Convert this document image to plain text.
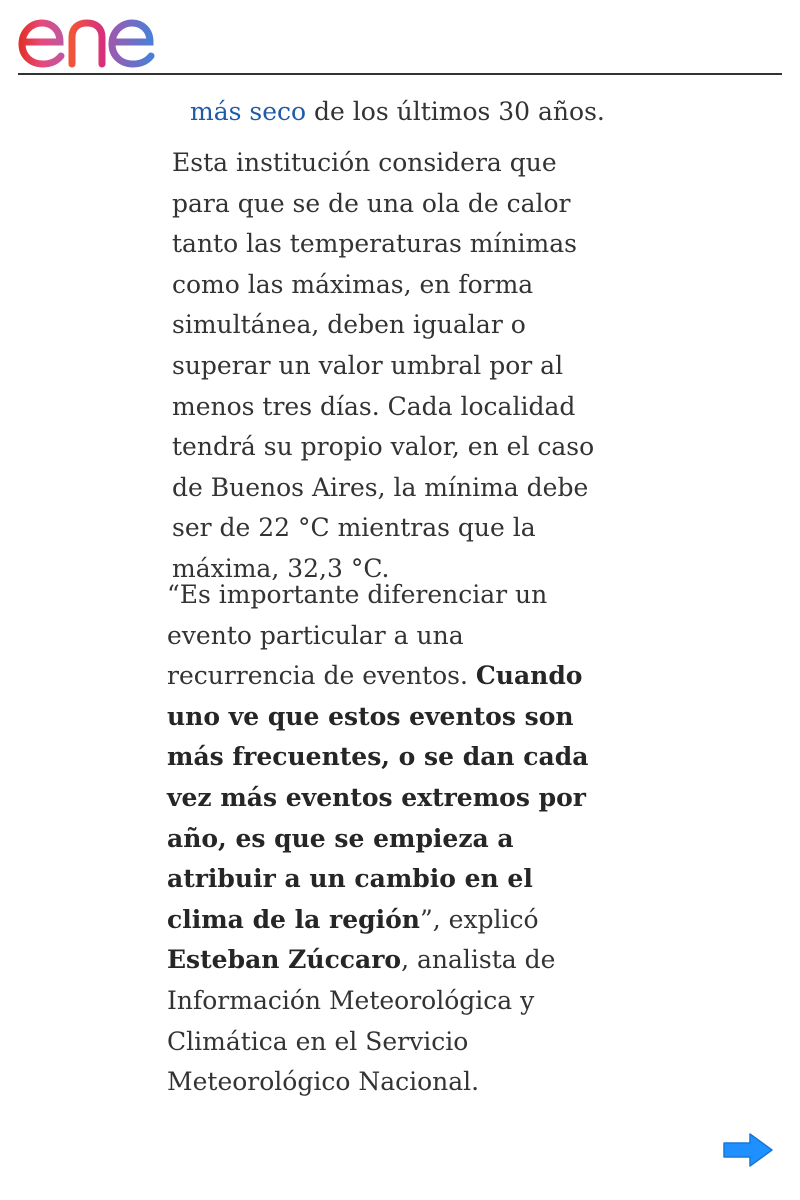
más seco de los últimos 30 años.

Esta institución considera que para que se de una ola de calor tanto las temperaturas mínimas como las máximas, en forma simultánea, deben igualar o superar un valor umbral por al menos tres días. Cada localidad tendrá su propio valor, en el caso de Buenos Aires, la mínima debe ser de 22 °C mientras que la máxima, 32,3 °C.

“Es importante diferenciar un evento particular a una recurrencia de eventos. Cuando uno ve que estos eventos son más frecuentes, o se dan cada vez más eventos extremos por año, es que se empieza a atribuir a un cambio en el clima de la región”, explicó Esteban Zúccaro, analista de Información Meteorológica y Climática en el Servicio Meteorológico Nacional.
